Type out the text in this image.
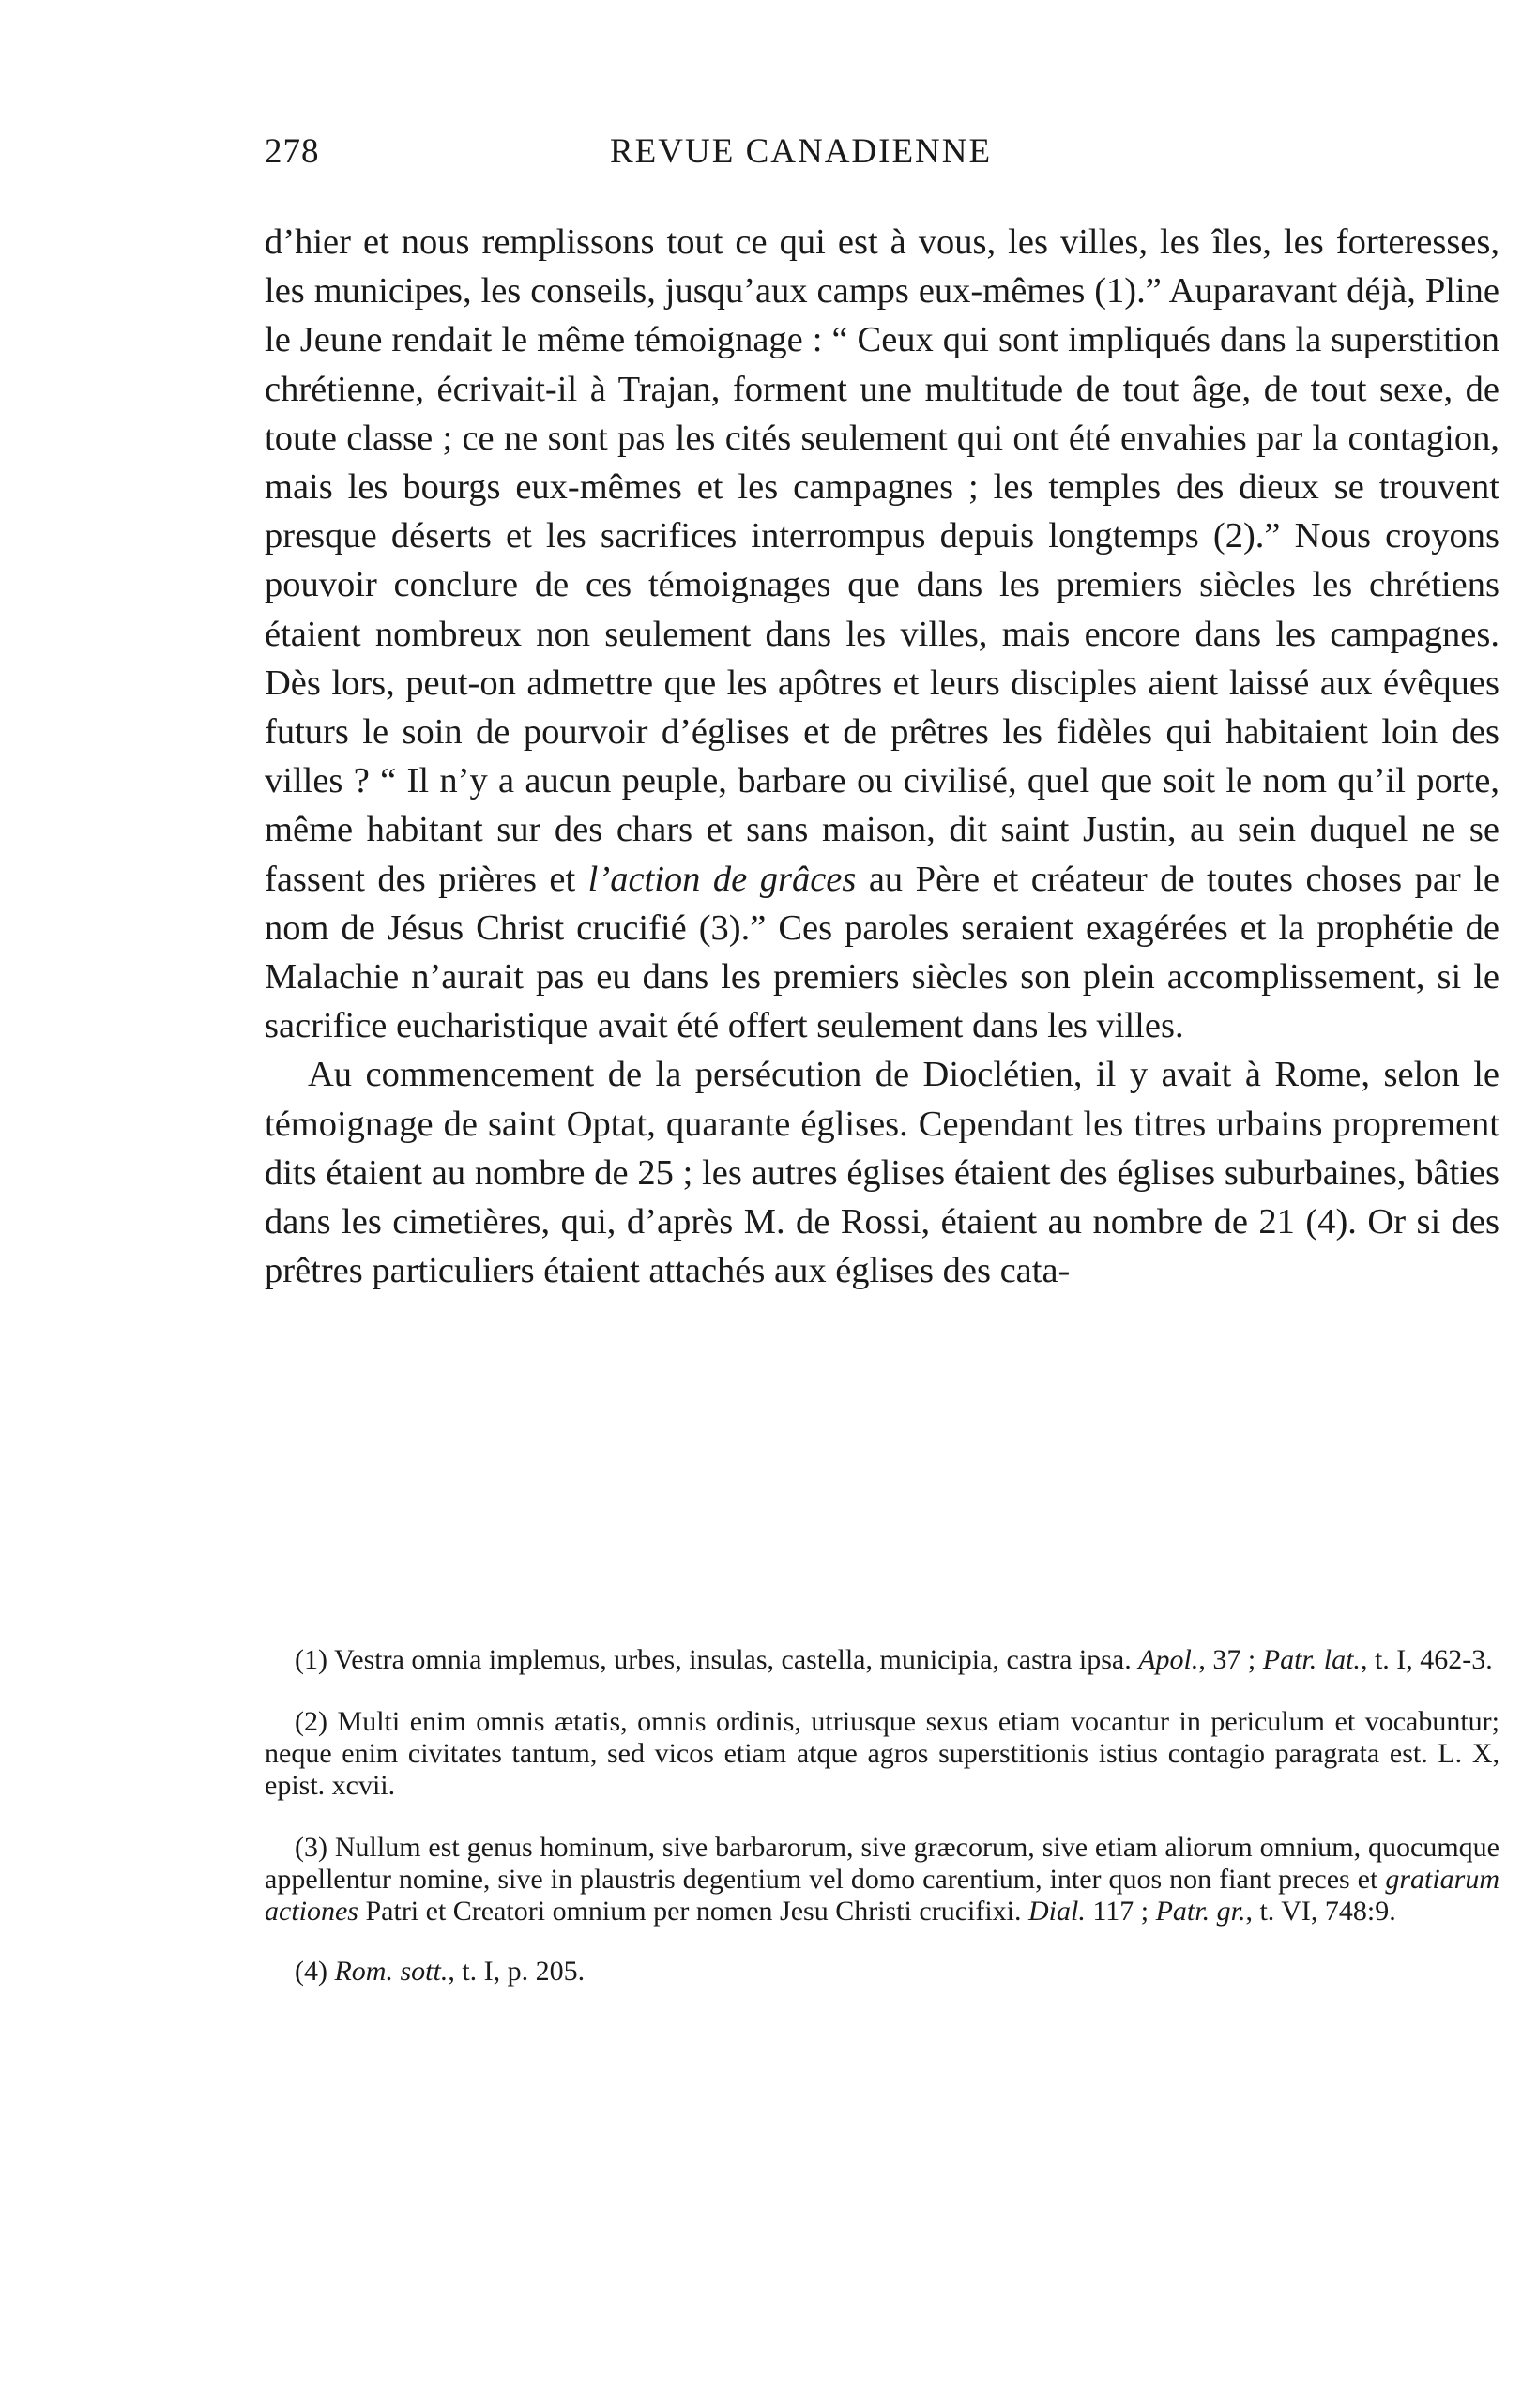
278	REVUE CANADIENNE

d’hier et nous remplissons tout ce qui est à vous, les villes, les îles, les forteresses, les municipes, les conseils, jusqu’aux camps eux-mêmes (1).” Auparavant déjà, Pline le Jeune rendait le même témoignage : “ Ceux qui sont impliqués dans la superstition chrétienne, écrivait-il à Trajan, forment une multitude de tout âge, de tout sexe, de toute classe ; ce ne sont pas les cités seulement qui ont été envahies par la contagion, mais les bourgs eux-mêmes et les campagnes ; les temples des dieux se trouvent presque déserts et les sacrifices interrompus depuis longtemps (2).” Nous croyons pouvoir conclure de ces témoignages que dans les premiers siècles les chrétiens étaient nombreux non seulement dans les villes, mais encore dans les campagnes. Dès lors, peut-on admettre que les apôtres et leurs disciples aient laissé aux évêques futurs le soin de pourvoir d’églises et de prêtres les fidèles qui habitaient loin des villes ? “ Il n’y a aucun peuple, barbare ou civilisé, quel que soit le nom qu’il porte, même habitant sur des chars et sans maison, dit saint Justin, au sein duquel ne se fassent des prières et l’action de grâces au Père et créateur de toutes choses par le nom de Jésus Christ crucifié (3).” Ces paroles seraient exagérées et la prophétie de Malachie n’aurait pas eu dans les premiers siècles son plein accomplissement, si le sacrifice eucharistique avait été offert seulement dans les villes.

Au commencement de la persécution de Dioclétien, il y avait à Rome, selon le témoignage de saint Optat, quarante églises. Cependant les titres urbains proprement dits étaient au nombre de 25 ; les autres églises étaient des églises suburbaines, bâties dans les cimetières, qui, d’après M. de Rossi, étaient au nombre de 21 (4). Or si des prêtres particuliers étaient attachés aux églises des cata-

(1) Vestra omnia implemus, urbes, insulas, castella, municipia, castra ipsa. Apol., 37 ; Patr. lat., t. I, 462-3.

(2) Multi enim omnis ætatis, omnis ordinis, utriusque sexus etiam vocantur in periculum et vocabuntur; neque enim civitates tantum, sed vicos etiam atque agros superstitionis istius contagio paragrata est. L. X, epist. xcvii.

(3) Nullum est genus hominum, sive barbarorum, sive græcorum, sive etiam aliorum omnium, quocumque appellentur nomine, sive in plaustris degentium vel domo carentium, inter quos non fiant preces et gratiarum actiones Patri et Creatori omnium per nomen Jesu Christi crucifixi. Dial. 117 ; Patr. gr., t. VI, 748:9.

(4) Rom. sott., t. I, p. 205.
